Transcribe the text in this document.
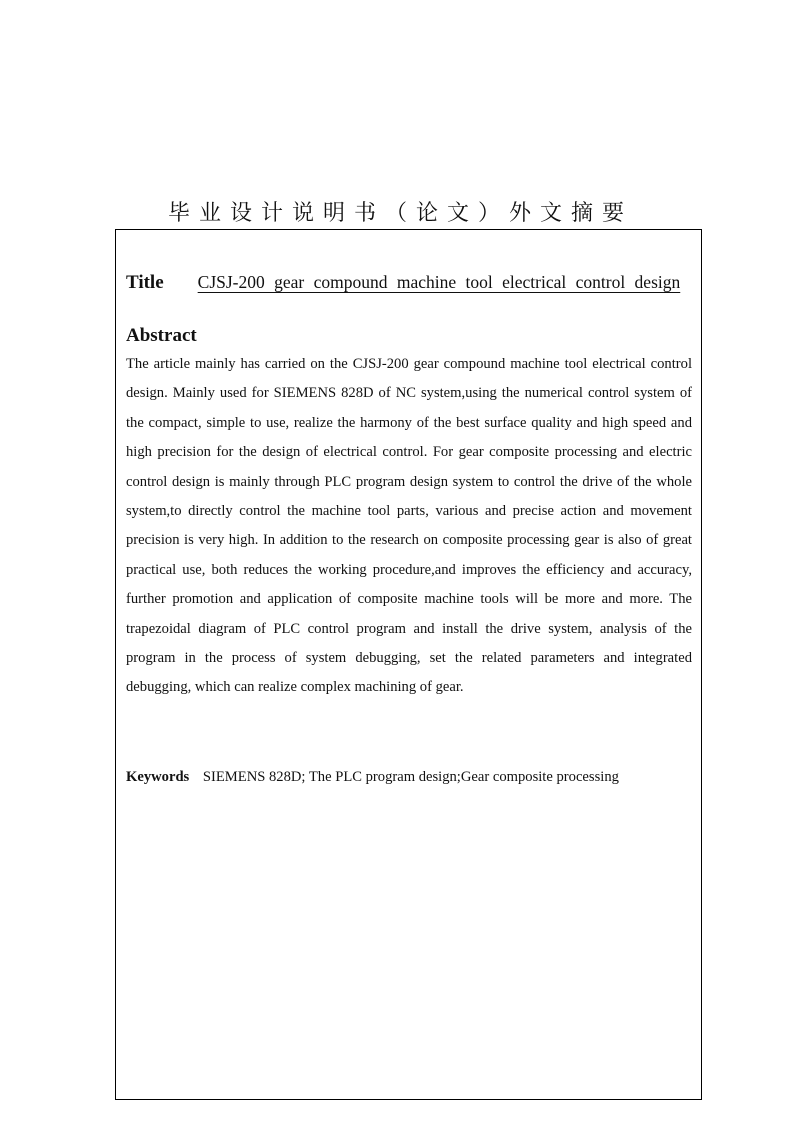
毕业设计说明书（论文）外文摘要
Title CJSJ-200 gear compound machine tool electrical control design
Abstract
The article mainly has carried on the CJSJ-200 gear compound machine tool electrical control design. Mainly used for SIEMENS 828D of NC system,using the numerical control system of the compact, simple to use, realize the harmony of the best surface quality and high speed and high precision for the design of electrical control. For gear composite processing and electric control design is mainly through PLC program design system to control the drive of the whole system,to directly control the machine tool parts, various and precise action and movement precision is very high. In addition to the research on composite processing gear is also of great practical use, both reduces the working procedure,and improves the efficiency and accuracy, further promotion and application of composite machine tools will be more and more. The trapezoidal diagram of PLC control program and install the drive system, analysis of the program in the process of system debugging, set the related parameters and integrated debugging, which can realize complex machining of gear.
Keywords SIEMENS 828D; The PLC program design;Gear composite processing
